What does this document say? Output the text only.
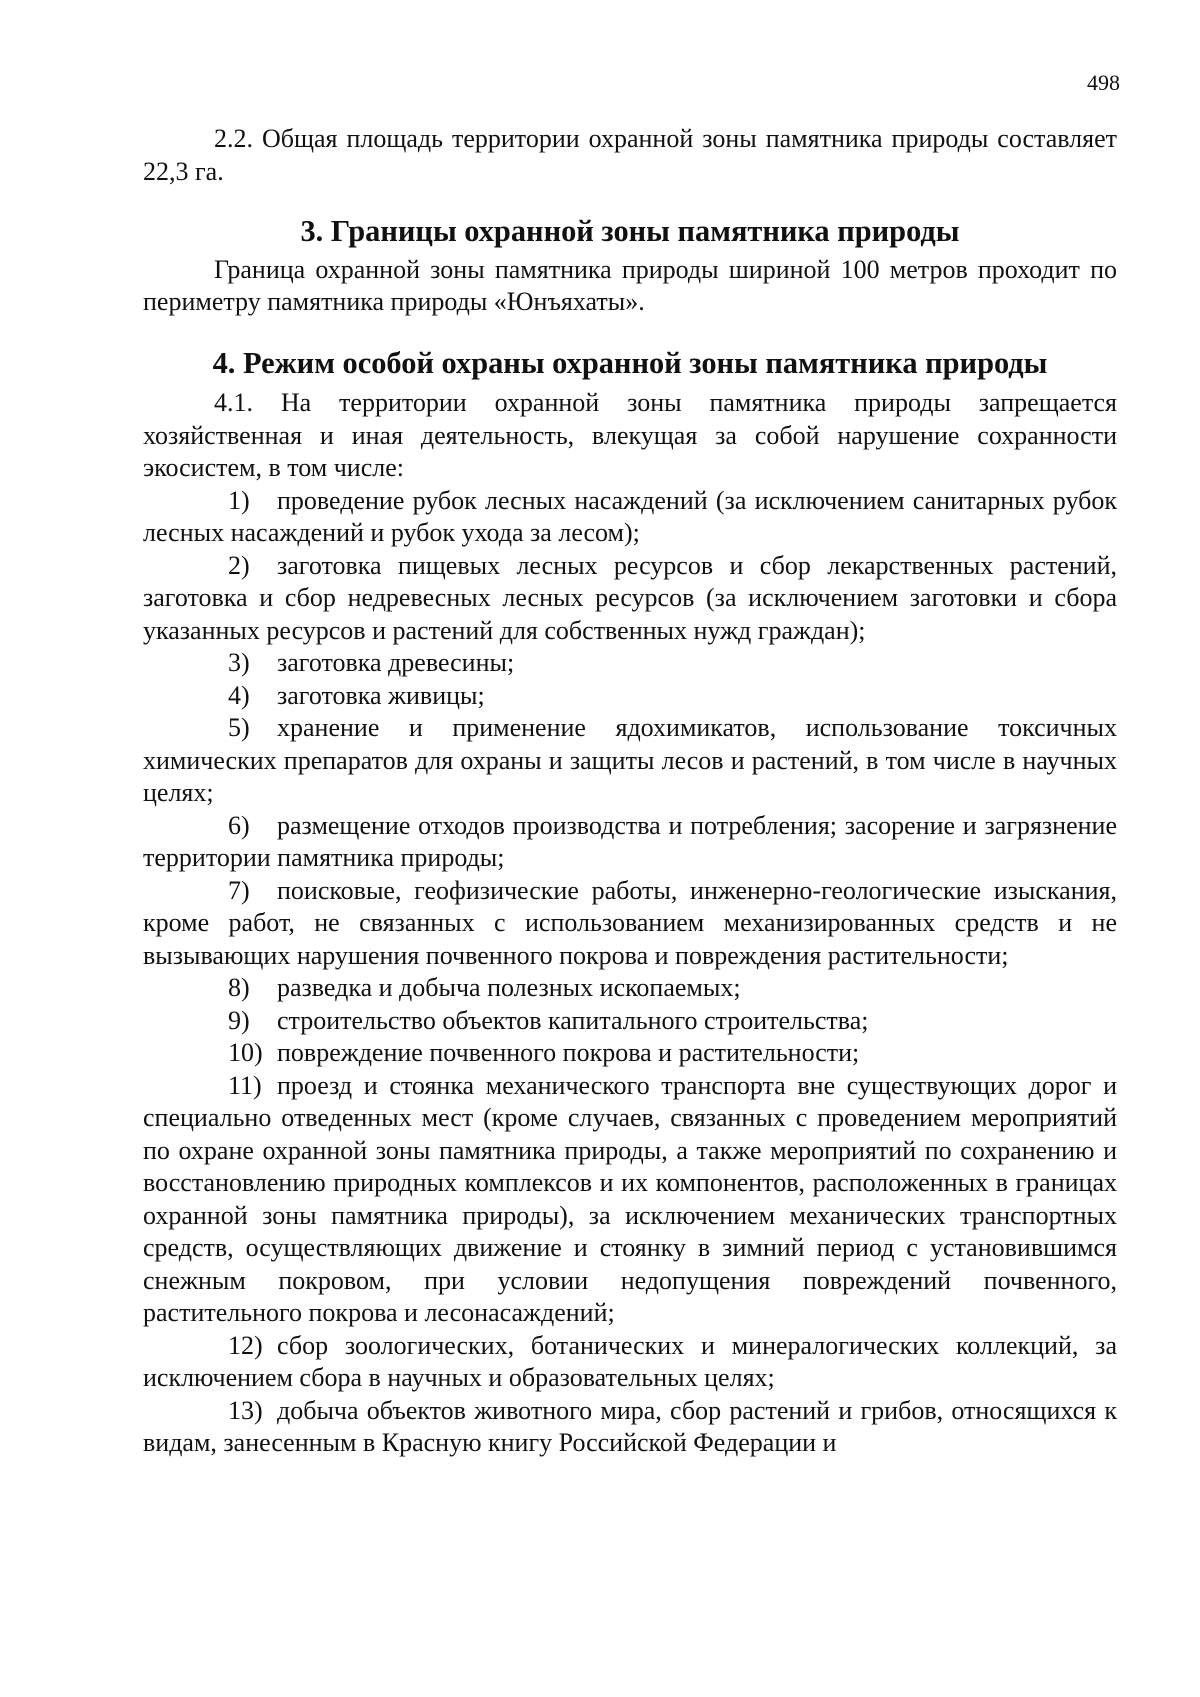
498

2.2. Общая площадь территории охранной зоны памятника природы составляет 22,3 га.

3. Границы охранной зоны памятника природы

Граница охранной зоны памятника природы шириной 100 метров проходит по периметру памятника природы «Юнъяхаты».

4. Режим особой охраны охранной зоны памятника природы

4.1. На территории охранной зоны памятника природы запрещается хозяйственная и иная деятельность, влекущая за собой нарушение сохранности экосистем, в том числе:

1) проведение рубок лесных насаждений (за исключением санитарных рубок лесных насаждений и рубок ухода за лесом);

2) заготовка пищевых лесных ресурсов и сбор лекарственных растений, заготовка и сбор недревесных лесных ресурсов (за исключением заготовки и сбора указанных ресурсов и растений для собственных нужд граждан);

3) заготовка древесины;

4) заготовка живицы;

5) хранение и применение ядохимикатов, использование токсичных химических препаратов для охраны и защиты лесов и растений, в том числе в научных целях;

6) размещение отходов производства и потребления; засорение и загрязнение территории памятника природы;

7) поисковые, геофизические работы, инженерно-геологические изыскания, кроме работ, не связанных с использованием механизированных средств и не вызывающих нарушения почвенного покрова и повреждения растительности;

8) разведка и добыча полезных ископаемых;

9) строительство объектов капитального строительства;

10) повреждение почвенного покрова и растительности;

11) проезд и стоянка механического транспорта вне существующих дорог и специально отведенных мест (кроме случаев, связанных с проведением мероприятий по охране охранной зоны памятника природы, а также мероприятий по сохранению и восстановлению природных комплексов и их компонентов, расположенных в границах охранной зоны памятника природы), за исключением механических транспортных средств, осуществляющих движение и стоянку в зимний период с установившимся снежным покровом, при условии недопущения повреждений почвенного, растительного покрова и лесонасаждений;

12) сбор зоологических, ботанических и минералогических коллекций, за исключением сбора в научных и образовательных целях;

13) добыча объектов животного мира, сбор растений и грибов, относящихся к видам, занесенным в Красную книгу Российской Федерации и
